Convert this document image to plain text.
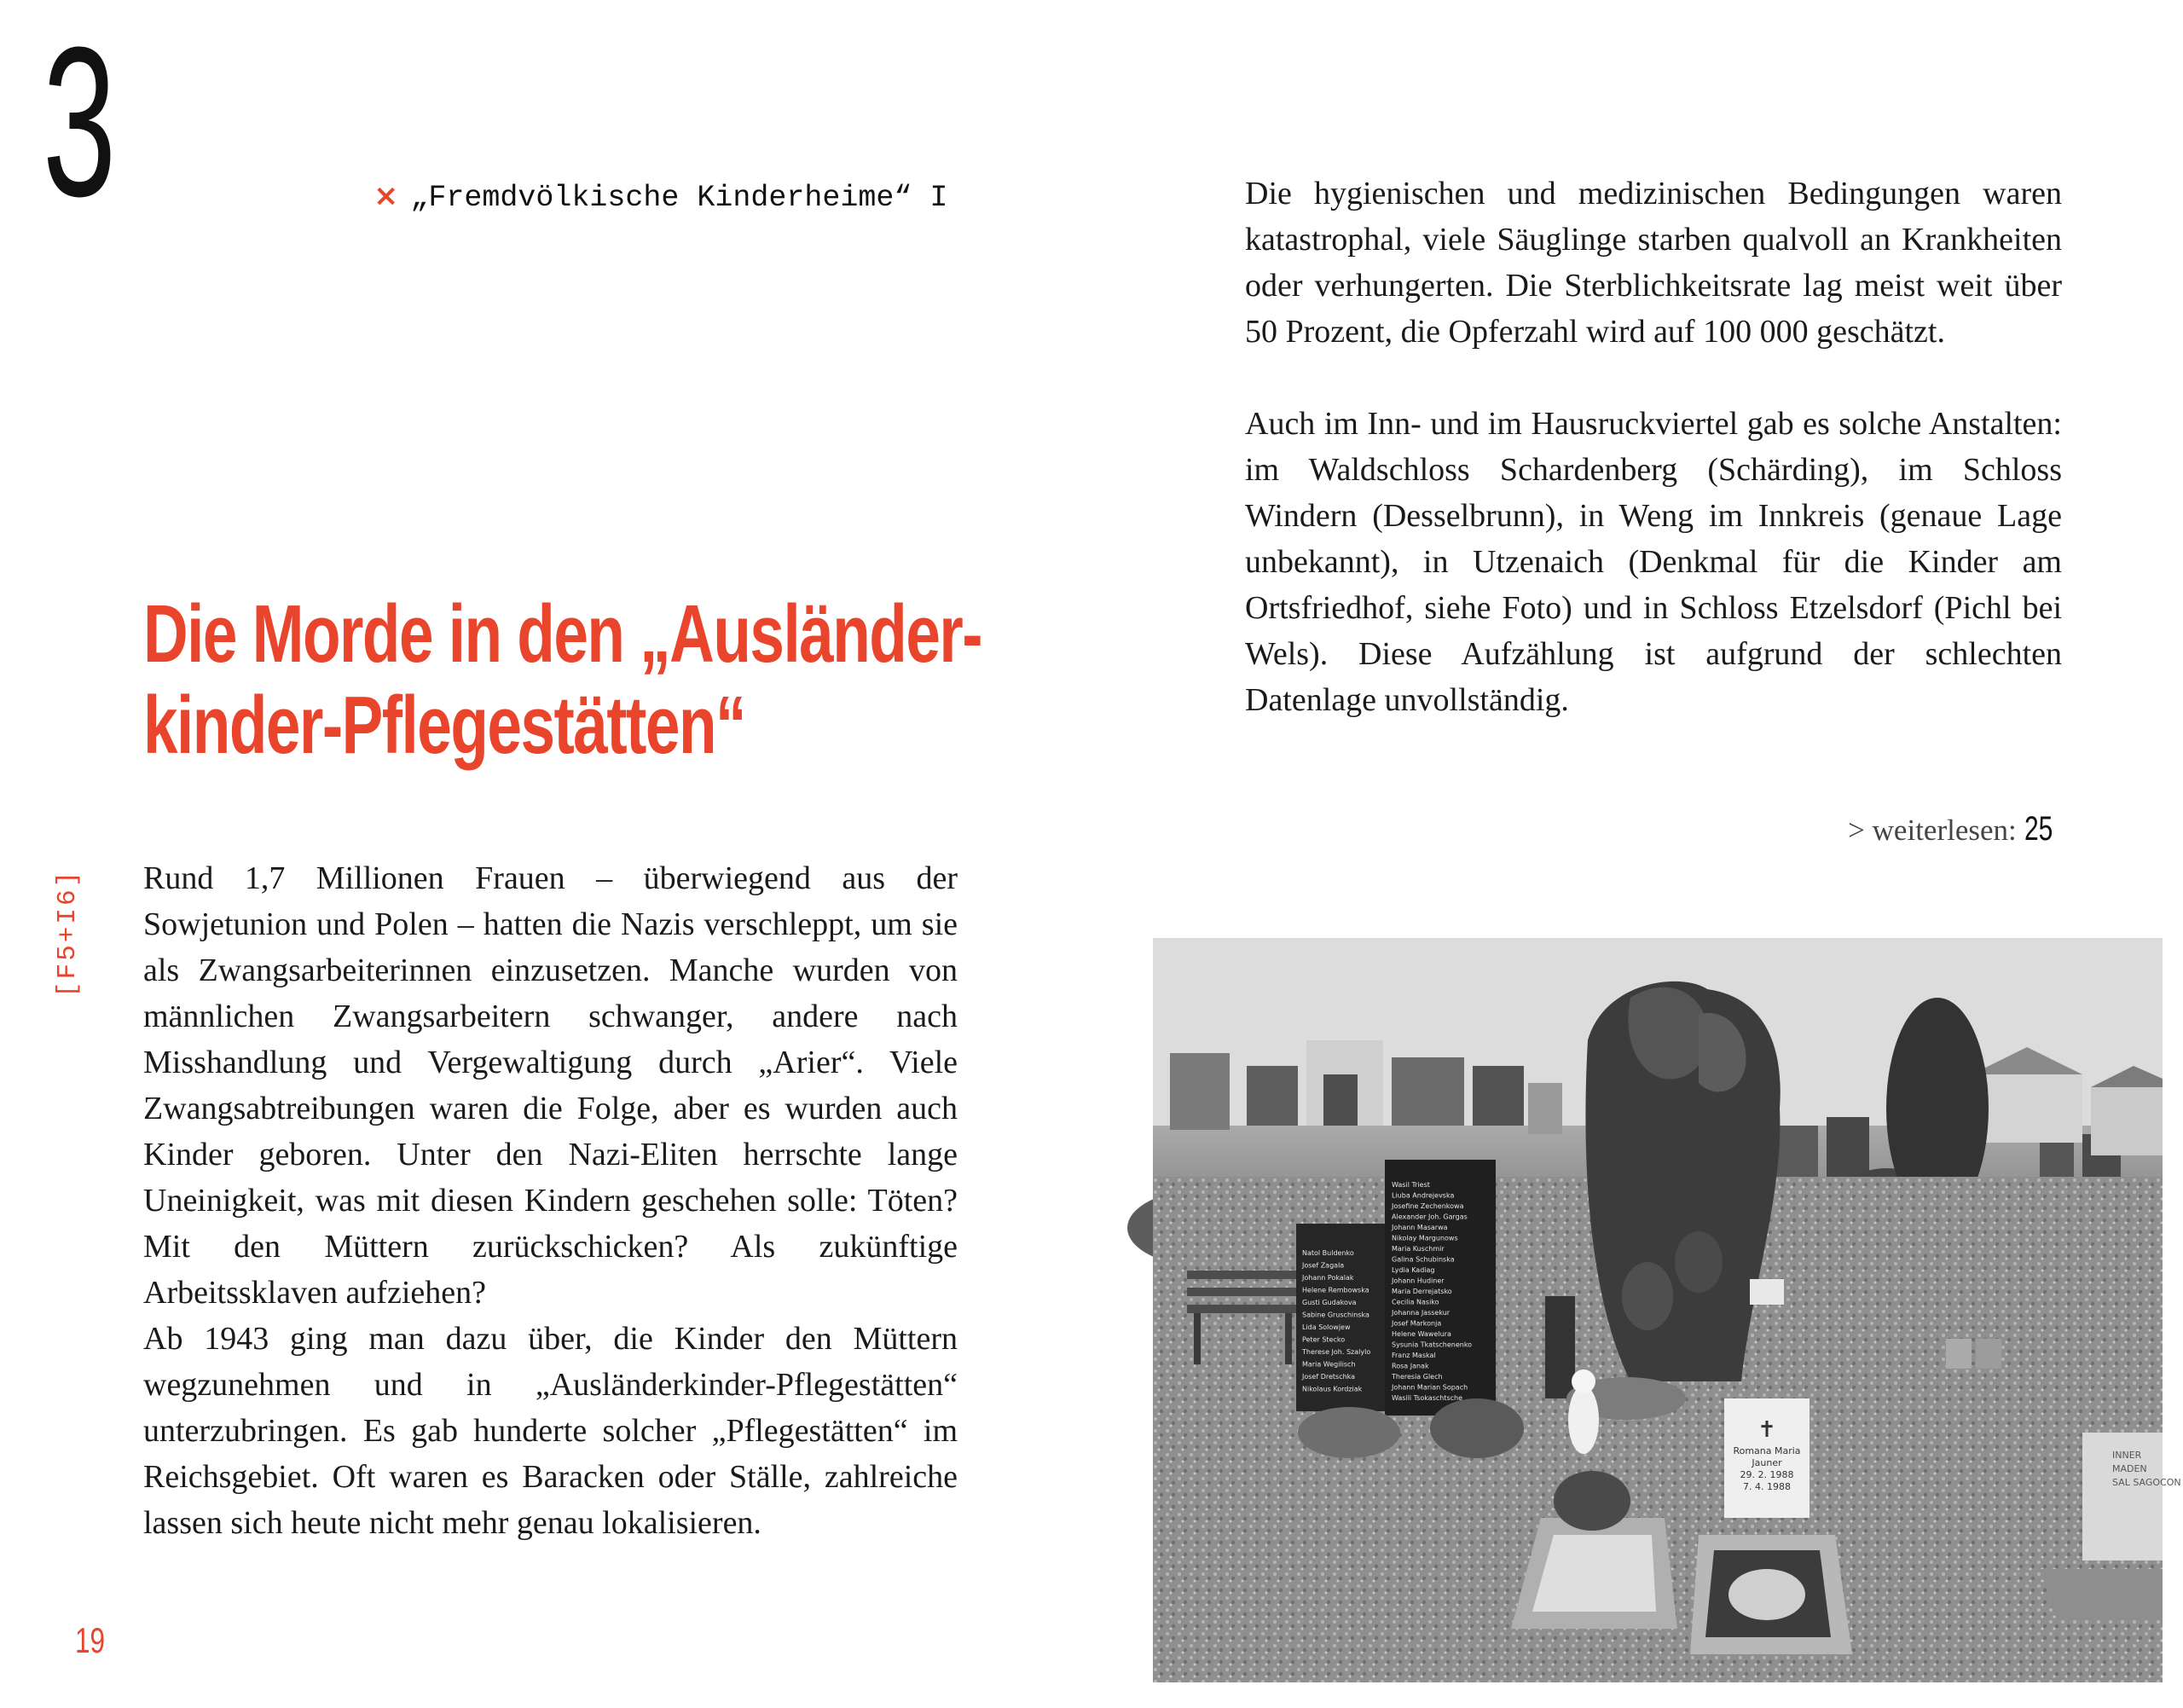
3	× „Fremdvölkische Kinderheime“ I
[F5+I6]
Die Morde in den „Ausländer-
kinder-Pflegestätten“

Rund 1,7 Millionen Frauen – überwiegend aus der Sowjetunion und Polen – hatten die Nazis verschleppt, um sie als Zwangsarbeiterinnen einzusetzen. Manche wurden von männlichen Zwangsarbeitern schwanger, andere nach Misshandlung und Vergewaltigung durch „Arier“. Viele Zwangsabtreibungen waren die Folge, aber es wurden auch Kinder geboren. Unter den Nazi-Eliten herrschte lange Uneinigkeit, was mit diesen Kindern geschehen solle: Töten? Mit den Müttern zurückschicken? Als zukünftige Arbeitssklaven aufziehen?

Ab 1943 ging man dazu über, die Kinder den Müttern wegzunehmen und in „Ausländerkinder-Pflegestätten“ unterzubringen. Es gab hunderte solcher „Pflegestätten“ im Reichsgebiet. Oft waren es Baracken oder Ställe, zahlreiche lassen sich heute nicht mehr genau lokalisieren.

Die hygienischen und medizinischen Bedingungen waren katastrophal, viele Säuglinge starben qualvoll an Krankheiten oder verhungerten. Die Sterblichkeitsrate lag meist weit über 50 Prozent, die Opferzahl wird auf 100 000 geschätzt.

Auch im Inn- und im Hausruckviertel gab es solche Anstalten: im Waldschloss Schardenberg (Schärding), im Schloss Windern (Desselbrunn), in Weng im Innkreis (genaue Lage unbekannt), in Utzenaich (Denkmal für die Kinder am Ortsfriedhof, siehe Foto) und in Schloss Etzelsdorf (Pichl bei Wels). Diese Aufzählung ist aufgrund der schlechten Datenlage unvollständig.

> weiterlesen: 25
19
Natol Buldenko
Josef Zagala
Johann Pokalak
Helene Rembowska
Gusti Gudakova
Sabine Gruschinska
Lida Solowjew
Peter Stecko
Therese Joh. Szalylo
Maria Wegilisch
Josef Dretschka
Nikolaus Kordziak
Wasil Triest
Liuba Andrejevska
Josefine Zechenkowa
Alexander Joh. Gargas
Johann Masarwa
Nikolay Margunows
Maria Kuschmir
Galina Schubinska
Lydia Kadiag
Johann Hudiner
Maria Derrejatsko
Cecilia Nasiko
Johanna Jassekur
Josef Markonja
Helene Wawelura
Sysunia Tkatschenenko
Franz Maskal
Rosa Janak
Theresia Glech
Johann Marian Sopach
Wasili Tsokaschtsche
Romana Maria
Jauner
29. 2. 1988
7. 4. 1988
INNER
MADEN
SAL SAGOCON
✝
